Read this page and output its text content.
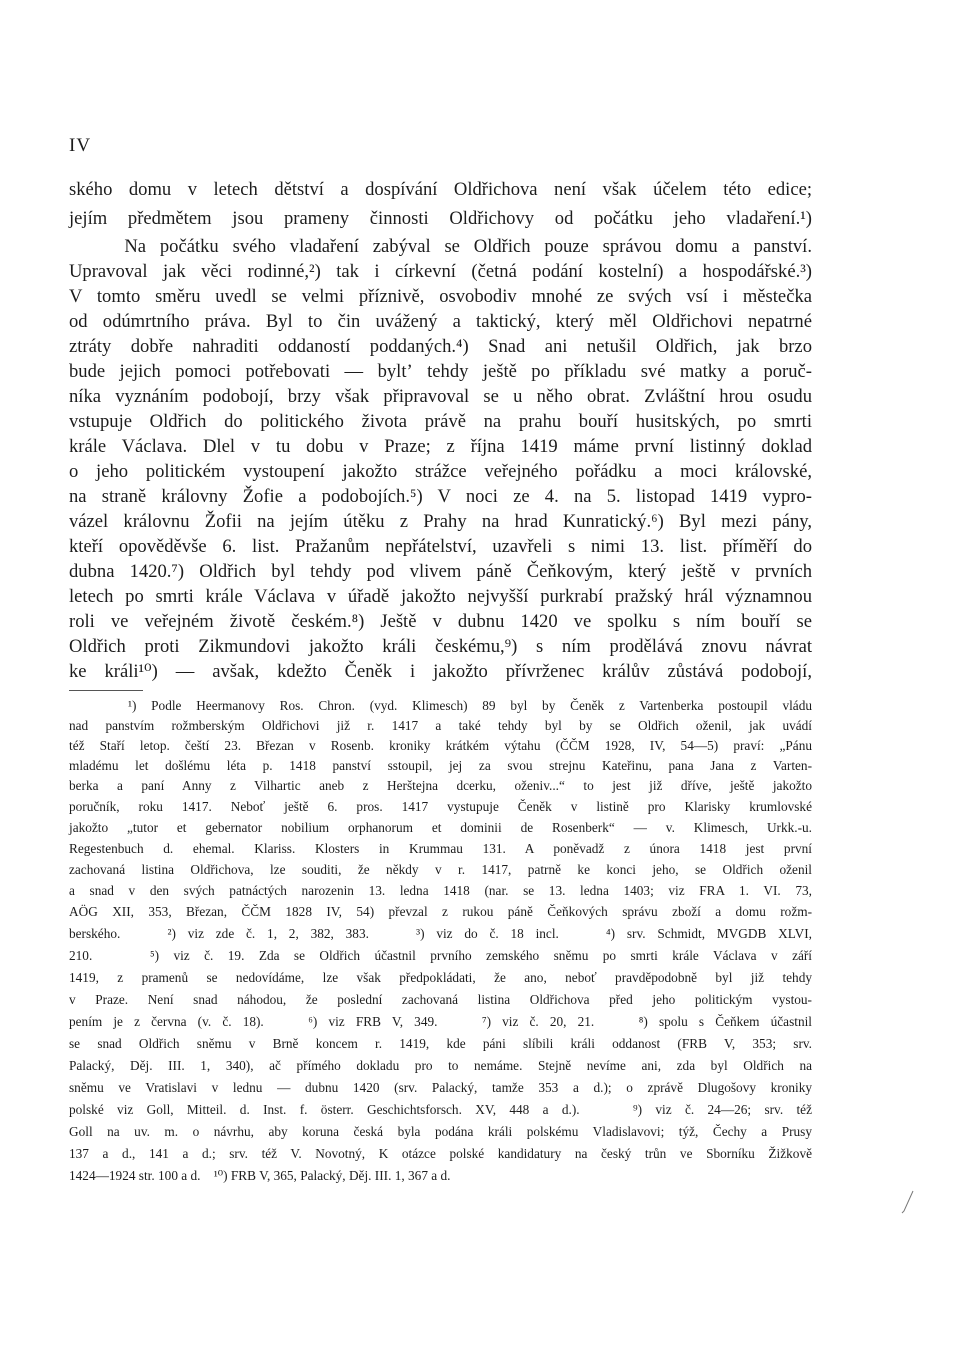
IV
ského domu v letech dětství a dospívání Oldřichova není však účelem této edice;
jejím předmětem jsou prameny činnosti Oldřichovy od počátku jeho vladaření.¹)
Na počátku svého vladaření zabýval se Oldřich pouze správou domu a panství.
Upravoval jak věci rodinné,²) tak i církevní (četná podání kostelní) a hospodářské.³)
V tomto směru uvedl se velmi příznivě, osvobodiv mnohé ze svých vsí i městečka
od odúmrtního práva. Byl to čin uvážený a taktický, který měl Oldřichovi nepatrné
ztráty dobře nahraditi oddaností poddaných.⁴) Snad ani netušil Oldřich, jak brzo
bude jejich pomoci potřebovati — byltʼ tehdy ještě po příkladu své matky a poruč-
níka vyznáním podobojí, brzy však připravoval se u něho obrat. Zvláštní hrou osudu
vstupuje Oldřich do politického života právě na prahu bouří husitských, po smrti
krále Václava. Dlel v tu dobu v Praze; z října 1419 máme první listinný doklad
o jeho politickém vystoupení jakožto strážce veřejného pořádku a moci královské,
na straně královny Žofie a podobojích.⁵) V noci ze 4. na 5. listopad 1419 vypro-
vázel královnu Žofii na jejím útěku z Prahy na hrad Kunratický.⁶) Byl mezi pány,
kteří opověděvše 6. list. Pražanům nepřátelství, uzavřeli s nimi 13. list. příměří do
dubna 1420.⁷) Oldřich byl tehdy pod vlivem páně Čeňkovým, který ještě v prvních
letech po smrti krále Václava v úřadě jakožto nejvyšší purkrabí pražský hrál významnou
roli ve veřejném životě českém.⁸) Ještě v dubnu 1420 ve spolku s ním bouří se
Oldřich proti Zikmundovi jakožto králi českému,⁹) s ním prodělává znovu návrat
ke králi¹⁰) — avšak, kdežto Čeněk i jakožto přívrženec králův zůstává podobojí,
¹) Podle Heermanovy Ros. Chron. (vyd. Klimesch) 89 byl by Čeněk z Vartenberka postoupil vládu
nad panstvím rožmberským Oldřichovi již r. 1417 a také tehdy byl by se Oldřich oženil, jak uvádí
též Staří letop. čeští 23. Březan v Rosenb. kroniky krátkém výtahu (ČČM 1928, IV, 54—5) praví: „Pánu
mladému let došlému léta p. 1418 panství sstoupil, jej za svou strejnu Kateřinu, pana Jana z Varten-
berka a paní Anny z Vilhartic aneb z Herštejna dcerku, oženiv...“ to jest již dříve, ještě jakožto
poručník, roku 1417. Neboť ještě 6. pros. 1417 vystupuje Čeněk v listině pro Klarisky krumlovské
jakožto „tutor et gebernator nobilium orphanorum et dominii de Rosenberk“ — v. Klimesch, Urkk.-u.
Regestenbuch d. ehemal. Klariss. Klosters in Krummau 131. A poněvadž z února 1418 jest první
zachovaná listina Oldřichova, lze souditi, že někdy v r. 1417, patrně ke konci jeho, se Oldřich oženil
a snad v den svých patnáctých narozenin 13. ledna 1418 (nar. se 13. ledna 1403; viz FRA 1. VI. 73,
AÖG XII, 353, Březan, ČČM 1828 IV, 54) převzal z rukou páně Čeňkových správu zboží a domu rožm-
berského.    ²) viz zde č. 1, 2, 382, 383.    ³) viz do č. 18 incl.    ⁴) srv. Schmidt, MVGDB XLVI,
210.    ⁵) viz č. 19. Zda se Oldřich účastnil prvního zemského sněmu po smrti krále Václava v září
1419, z pramenů se nedovídáme, lze však předpokládati, že ano, neboť pravděpodobně byl již tehdy
v Praze. Není snad náhodou, že poslední zachovaná listina Oldřichova před jeho politickým vystou-
pením je z června (v. č. 18).    ⁶) viz FRB V, 349.    ⁷) viz č. 20, 21.    ⁸) spolu s Čeňkem účastnil
se snad Oldřich sněmu v Brně koncem r. 1419, kde páni slíbili králi oddanost (FRB V, 353; srv.
Palacký, Děj. III. 1, 340), ač přímého dokladu pro to nemáme. Stejně nevíme ani, zda byl Oldřich na
sněmu ve Vratislavi v lednu — dubnu 1420 (srv. Palacký, tamže 353 a d.); o zprávě Dlugošovy kroniky
polské viz Goll, Mitteil. d. Inst. f. österr. Geschichtsforsch. XV, 448 a d.).    ⁹) viz č. 24—26; srv. též
Goll na uv. m. o návrhu, aby koruna česká byla podána králi polskému Vladislavovi; týž, Čechy a Prusy
137 a d., 141 a d.; srv. též V. Novotný, K otázce polské kandidatury na český trůn ve Sborníku Žižkově
1424—1924 str. 100 a d.    ¹⁰) FRB V, 365, Palacký, Děj. III. 1, 367 a d.
